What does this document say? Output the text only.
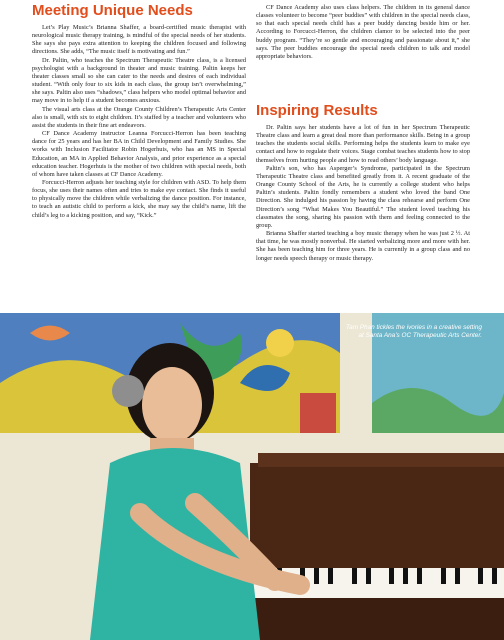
Meeting Unique Needs

Let’s Play Music’s Brianna Shaffer, a board-certified music therapist with neurological music therapy training, is mindful of the special needs of her students. She says she pays extra attention to keeping the children focused and following directions. She adds, “The music itself is motivating and fun.”

Dr. Paltin, who teaches the Spectrum Therapeutic Theatre class, is a licensed psychologist with a background in theater and music training. Paltin keeps her theater classes small so she can cater to the needs and desires of each individual student. “With only four to six kids in each class, the group isn’t overwhelming,” she says. Paltin also uses “shadows,” class helpers who model optimal behavior and may move in to help if a student becomes anxious.

The visual arts class at the Orange County Children’s Therapeutic Arts Center also is small, with six to eight children. It’s staffed by a teacher and volunteers who assist the students in their fine art endeavors.

CF Dance Academy instructor Leanna Forcucci-Herron has been teaching dance for 25 years and has her BA in Child Development and Family Studies. She works with Inclusion Facilitator Robin Hogerhuis, who has an MS in Special Education, an MA in Applied Behavior Analysis, and prior experience as a special education teacher. Hogerhuis is the mother of two children with special needs, both of whom have taken classes at CF Dance Academy.

Forcucci-Herron adjusts her teaching style for children with ASD. To help them focus, she uses their names often and tries to make eye contact. She finds it useful to physically move the children while verbalizing the dance position. For instance, to teach an autistic child to perform a kick, she may say the child’s name, lift the child’s leg to a kicking position, and say, “Kick.”

CF Dance Academy also uses class helpers. The children in its general dance classes volunteer to become “peer buddies” with children in the special needs class, so that each special needs child has a peer buddy dancing beside him or her. According to Forcucci-Herron, the children clamor to be selected into the peer buddy program. “They’re so gentle and encouraging and passionate about it,” she says. The peer buddies encourage the special needs children to talk and model appropriate behaviors.

Inspiring Results

Dr. Paltin says her students have a lot of fun in her Spectrum Therapeutic Theatre class and learn a great deal more than performance skills. Being in a group teaches the students social skills. Performing helps the students learn to make eye contact and how to regulate their voices. Stage combat teaches students how to stop themselves from hurting people and how to read others’ body language.

Paltin’s son, who has Asperger’s Syndrome, participated in the Spectrum Therapeutic Theatre class and benefited greatly from it. A recent graduate of the Orange County School of the Arts, he is currently a college student who helps Paltin’s students. Paltin fondly remembers a student who loved the band One Direction. She indulged his passion by having the class rehearse and perform One Direction’s song “What Makes You Beautiful.” The student loved teaching his classmates the song, sharing his passion with them and feeling connected to the group.

Brianna Shaffer started teaching a boy music therapy when he was just 2 ½. At that time, he was mostly nonverbal. He started verbalizing more and more with her. She has been teaching him for three years. He is currently in a group class and no longer needs speech therapy or music therapy.

Tam Phan tickles the ivories in a creative setting at Santa Ana’s OC Therapeutic Arts Center.
